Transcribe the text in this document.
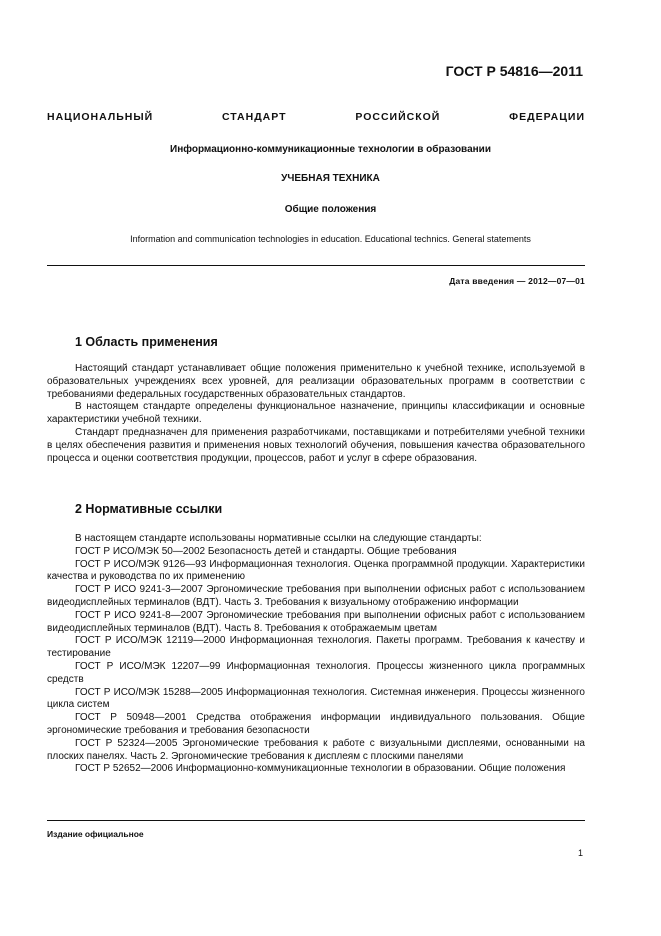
ГОСТ Р 54816—2011
НАЦИОНАЛЬНЫЙ СТАНДАРТ РОССИЙСКОЙ ФЕДЕРАЦИИ
Информационно-коммуникационные технологии в образовании
УЧЕБНАЯ ТЕХНИКА
Общие положения
Information and communication technologies in education. Educational technics. General statements
Дата введения — 2012—07—01
1 Область применения

Настоящий стандарт устанавливает общие положения применительно к учебной технике, используемой в образовательных учреждениях всех уровней, для реализации образовательных программ в соответствии с требованиями федеральных государственных образовательных стандартов.

В настоящем стандарте определены функциональное назначение, принципы классификации и основные характеристики учебной техники.

Стандарт предназначен для применения разработчиками, поставщиками и потребителями учебной техники в целях обеспечения развития и применения новых технологий обучения, повышения качества образовательного процесса и оценки соответствия продукции, процессов, работ и услуг в сфере образования.

2 Нормативные ссылки

В настоящем стандарте использованы нормативные ссылки на следующие стандарты:

ГОСТ Р ИСО/МЭК 50—2002 Безопасность детей и стандарты. Общие требования

ГОСТ Р ИСО/МЭК 9126—93 Информационная технология. Оценка программной продукции. Характеристики качества и руководства по их применению

ГОСТ Р ИСО 9241-3—2007 Эргономические требования при выполнении офисных работ с использованием видеодисплейных терминалов (ВДТ). Часть 3. Требования к визуальному отображению информации

ГОСТ Р ИСО 9241-8—2007 Эргономические требования при выполнении офисных работ с использованием видеодисплейных терминалов (ВДТ). Часть 8. Требования к отображаемым цветам

ГОСТ Р ИСО/МЭК 12119—2000 Информационная технология. Пакеты программ. Требования к качеству и тестирование

ГОСТ Р ИСО/МЭК 12207—99 Информационная технология. Процессы жизненного цикла программных средств

ГОСТ Р ИСО/МЭК 15288—2005 Информационная технология. Системная инженерия. Процессы жизненного цикла систем

ГОСТ Р 50948—2001 Средства отображения информации индивидуального пользования. Общие эргономические требования и требования безопасности

ГОСТ Р 52324—2005 Эргономические требования к работе с визуальными дисплеями, основанными на плоских панелях. Часть 2. Эргономические требования к дисплеям с плоскими панелями

ГОСТ Р 52652—2006 Информационно-коммуникационные технологии в образовании. Общие положения

Издание официальное
1
